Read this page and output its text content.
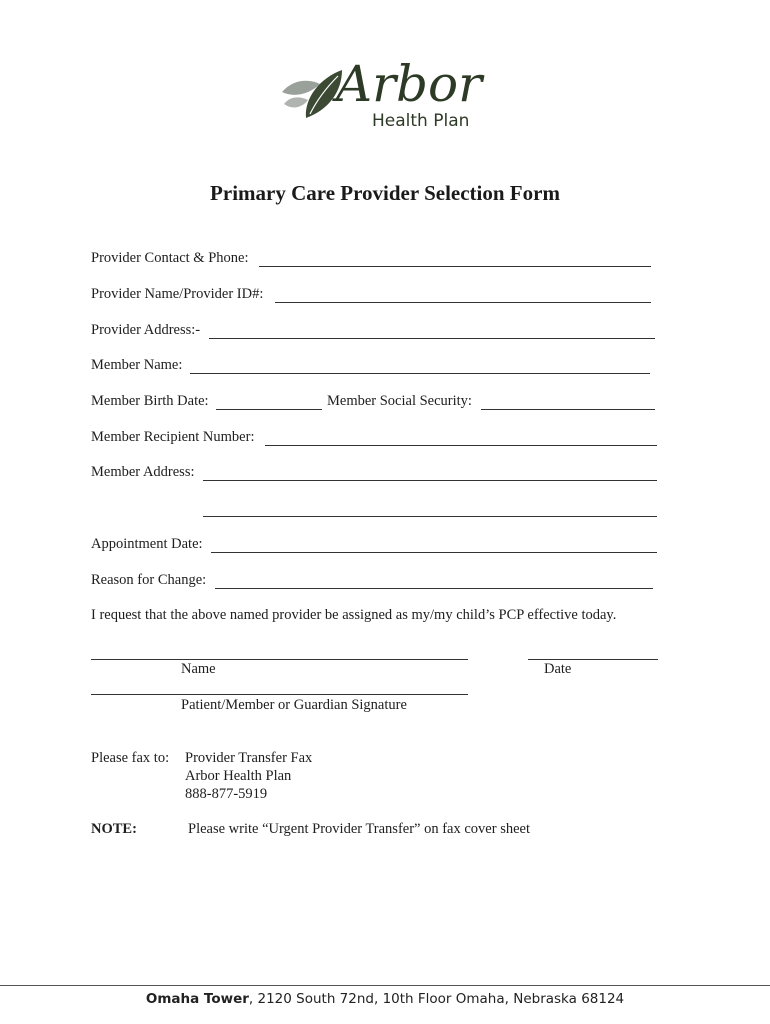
Arbor
Health Plan
Primary Care Provider Selection Form
Provider Contact & Phone:
Provider Name/Provider ID#:
Provider Address:-
Member Name:
Member Birth Date:	Member Social Security:
Member Recipient Number:
Member Address:
Appointment Date:
Reason for Change:
I request that the above named provider be assigned as my/my child’s PCP effective today.
Name	Date
Patient/Member or Guardian Signature
Please fax to: Provider Transfer Fax
Arbor Health Plan
888-877-5919
NOTE:	Please write “Urgent Provider Transfer” on fax cover sheet
Omaha Tower, 2120 South 72nd, 10th Floor Omaha, Nebraska 68124
